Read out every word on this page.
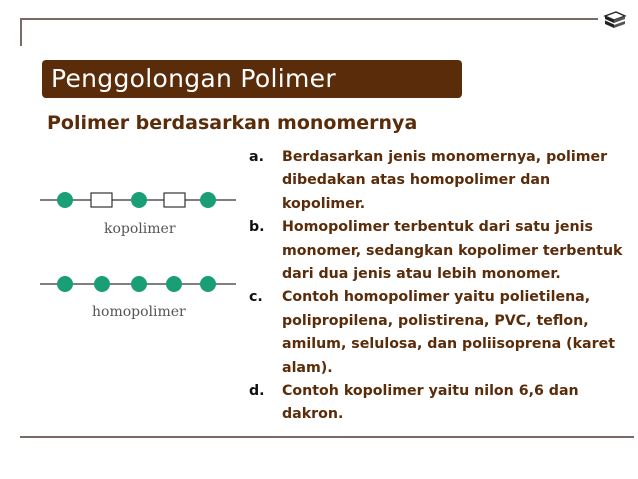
Penggolongan Polimer
Polimer berdasarkan monomernya
kopolimer
homopolimer
a.	Berdasarkan jenis monomernya, polimer dibedakan atas homopolimer dan kopolimer.
b.	Homopolimer terbentuk dari satu jenis monomer, sedangkan kopolimer terbentuk dari dua jenis atau lebih monomer.
c.	Contoh homopolimer yaitu polietilena, polipropilena, polistirena, PVC, teflon, amilum, selulosa, dan poliisoprena (karet alam).
d.	Contoh kopolimer yaitu nilon 6,6 dan dakron.
